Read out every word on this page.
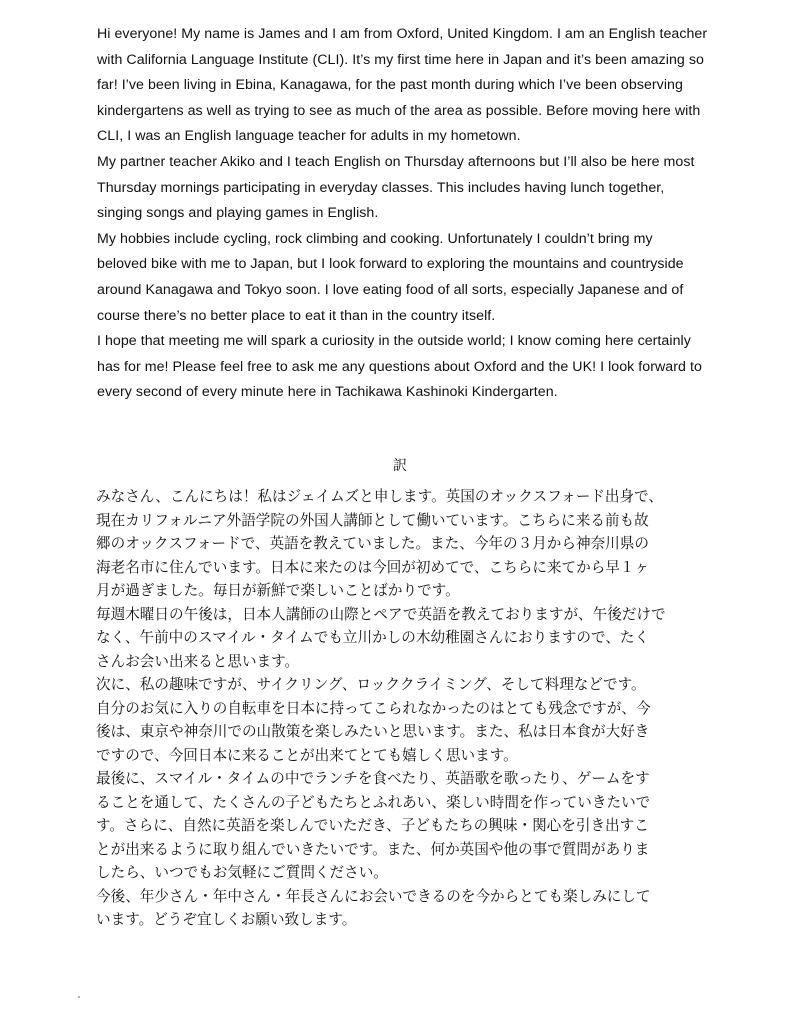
Hi everyone! My name is James and I am from Oxford, United Kingdom. I am an English teacher
with California Language Institute (CLI). It’s my first time here in Japan and it’s been amazing so
far! I’ve been living in Ebina, Kanagawa, for the past month during which I’ve been observing
kindergartens as well as trying to see as much of the area as possible. Before moving here with
CLI, I was an English language teacher for adults in my hometown.
My partner teacher Akiko and I teach English on Thursday afternoons but I’ll also be here most
Thursday mornings participating in everyday classes. This includes having lunch together,
singing songs and playing games in English.
My hobbies include cycling, rock climbing and cooking. Unfortunately I couldn’t bring my
beloved bike with me to Japan, but I look forward to exploring the mountains and countryside
around Kanagawa and Tokyo soon. I love eating food of all sorts, especially Japanese and of
course there’s no better place to eat it than in the country itself.
I hope that meeting me will spark a curiosity in the outside world; I know coming here certainly
has for me! Please feel free to ask me any questions about Oxford and the UK! I look forward to
every second of every minute here in Tachikawa Kashinoki Kindergarten.
訳
みなさん、こんにちは！私はジェイムズと申します。英国のオックスフォード出身で、
現在カリフォルニア外語学院の外国人講師として働いています。こちらに来る前も故
郷のオックスフォードで、英語を教えていました。また、今年の３月から神奈川県の
海老名市に住んでいます。日本に来たのは今回が初めてで、こちらに来てから早１ヶ
月が過ぎました。毎日が新鮮で楽しいことばかりです。
毎週木曜日の午後は，日本人講師の山際とペアで英語を教えておりますが、午後だけで
なく、午前中のスマイル・タイムでも立川かしの木幼稚園さんにおりますので、たく
さんお会い出来ると思います。
次に、私の趣味ですが、サイクリング、ロッククライミング、そして料理などです。
自分のお気に入りの自転車を日本に持ってこられなかったのはとても残念ですが、今
後は、東京や神奈川での山散策を楽しみたいと思います。また、私は日本食が大好き
ですので、今回日本に来ることが出来てとても嬉しく思います。
最後に、スマイル・タイムの中でランチを食べたり、英語歌を歌ったり、ゲームをす
ることを通して、たくさんの子どもたちとふれあい、楽しい時間を作っていきたいで
す。さらに、自然に英語を楽しんでいただき、子どもたちの興味・関心を引き出すこ
とが出来るように取り組んでいきたいです。また、何か英国や他の事で質問がありま
したら、いつでもお気軽にご質問ください。
今後、年少さん・年中さん・年長さんにお会いできるのを今からとても楽しみにして
います。どうぞ宜しくお願い致します。
